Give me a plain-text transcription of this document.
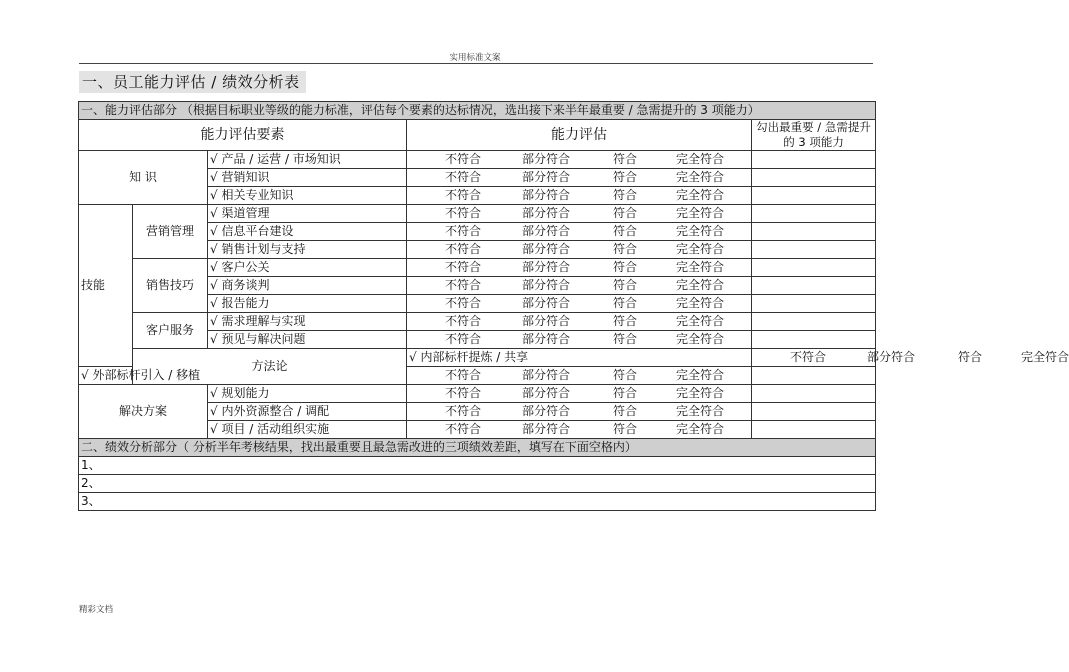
实用标准文案
一、员工能力评估 / 绩效分析表
一、能力评估部分 （根据目标职业等级的能力标准，评估每个要素的达标情况，选出接下来半年最重要 / 急需提升的 3 项能力）					
能力评估要素			能力评估	勾出最重要 / 急需提升的 3 项能力	
知 识		√ 产品 / 运营 / 市场知识	不符合 部分符合 符合 完全符合		

		√ 营销知识	不符合 部分符合 符合 完全符合		

		√ 相关专业知识	不符合 部分符合 符合 完全符合		

技能	营销管理	√ 渠道管理	不符合 部分符合 符合 完全符合		

		√ 信息平台建设	不符合 部分符合 符合 完全符合		

		√ 销售计划与支持	不符合 部分符合 符合 完全符合		

	销售技巧	√ 客户公关	不符合 部分符合 符合 完全符合		

		√ 商务谈判	不符合 部分符合 符合 完全符合		

		√ 报告能力	不符合 部分符合 符合 完全符合		

	客户服务	√ 需求理解与实现	不符合 部分符合 符合 完全符合		

		√ 预见与解决问题	不符合 部分符合 符合 完全符合		

	方法论		√ 内部标杆提炼 / 共享	不符合 部分符合 符合 完全符合	

√ 外部标杆引入 / 移植			不符合 部分符合 符合 完全符合		

解决方案		√ 规划能力	不符合 部分符合 符合 完全符合		

		√ 内外资源整合 / 调配	不符合 部分符合 符合 完全符合		

		√ 项目 / 活动组织实施	不符合 部分符合 符合 完全符合		

二、绩效分析部分（ 分析半年考核结果，找出最重要且最急需改进的三项绩效差距，填写在下面空格内）					
1、					
2、					
3、					
精彩文档
